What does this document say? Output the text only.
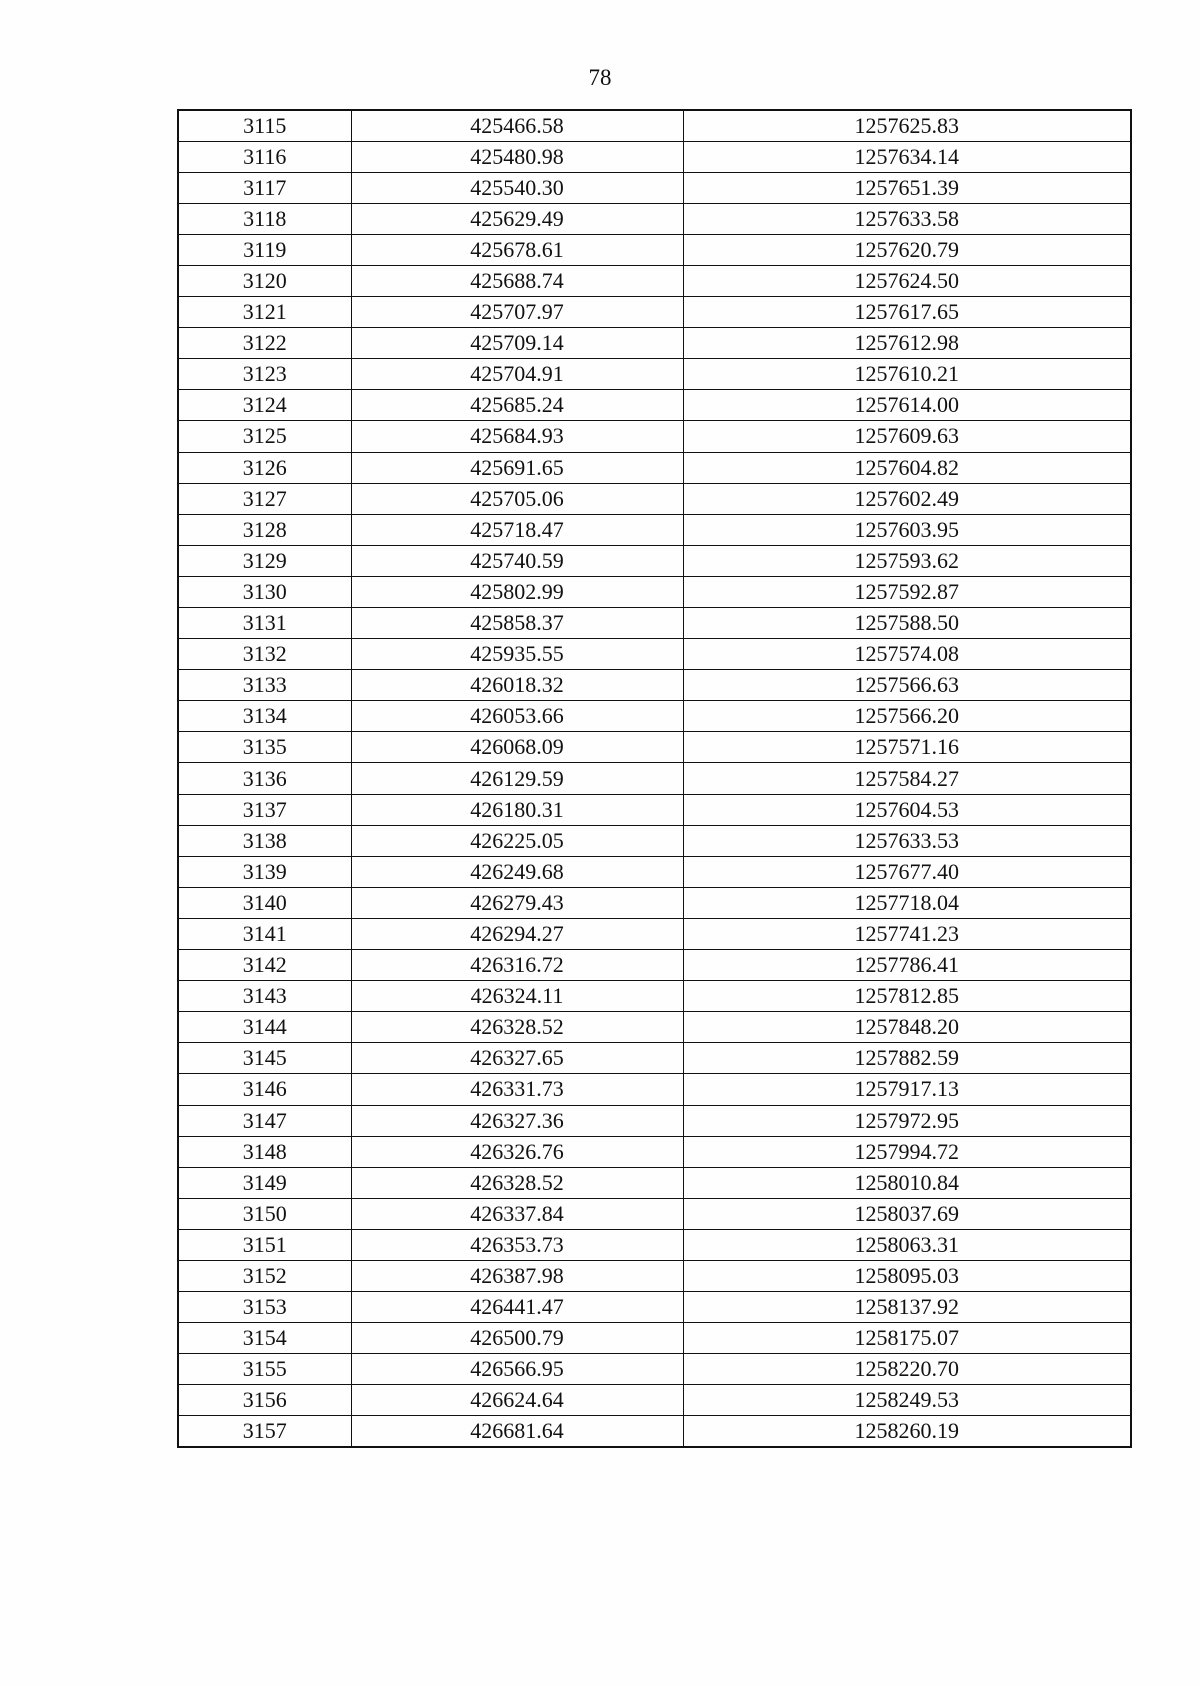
78
3115	425466.58	1257625.83
3116	425480.98	1257634.14
3117	425540.30	1257651.39
3118	425629.49	1257633.58
3119	425678.61	1257620.79
3120	425688.74	1257624.50
3121	425707.97	1257617.65
3122	425709.14	1257612.98
3123	425704.91	1257610.21
3124	425685.24	1257614.00
3125	425684.93	1257609.63
3126	425691.65	1257604.82
3127	425705.06	1257602.49
3128	425718.47	1257603.95
3129	425740.59	1257593.62
3130	425802.99	1257592.87
3131	425858.37	1257588.50
3132	425935.55	1257574.08
3133	426018.32	1257566.63
3134	426053.66	1257566.20
3135	426068.09	1257571.16
3136	426129.59	1257584.27
3137	426180.31	1257604.53
3138	426225.05	1257633.53
3139	426249.68	1257677.40
3140	426279.43	1257718.04
3141	426294.27	1257741.23
3142	426316.72	1257786.41
3143	426324.11	1257812.85
3144	426328.52	1257848.20
3145	426327.65	1257882.59
3146	426331.73	1257917.13
3147	426327.36	1257972.95
3148	426326.76	1257994.72
3149	426328.52	1258010.84
3150	426337.84	1258037.69
3151	426353.73	1258063.31
3152	426387.98	1258095.03
3153	426441.47	1258137.92
3154	426500.79	1258175.07
3155	426566.95	1258220.70
3156	426624.64	1258249.53
3157	426681.64	1258260.19
